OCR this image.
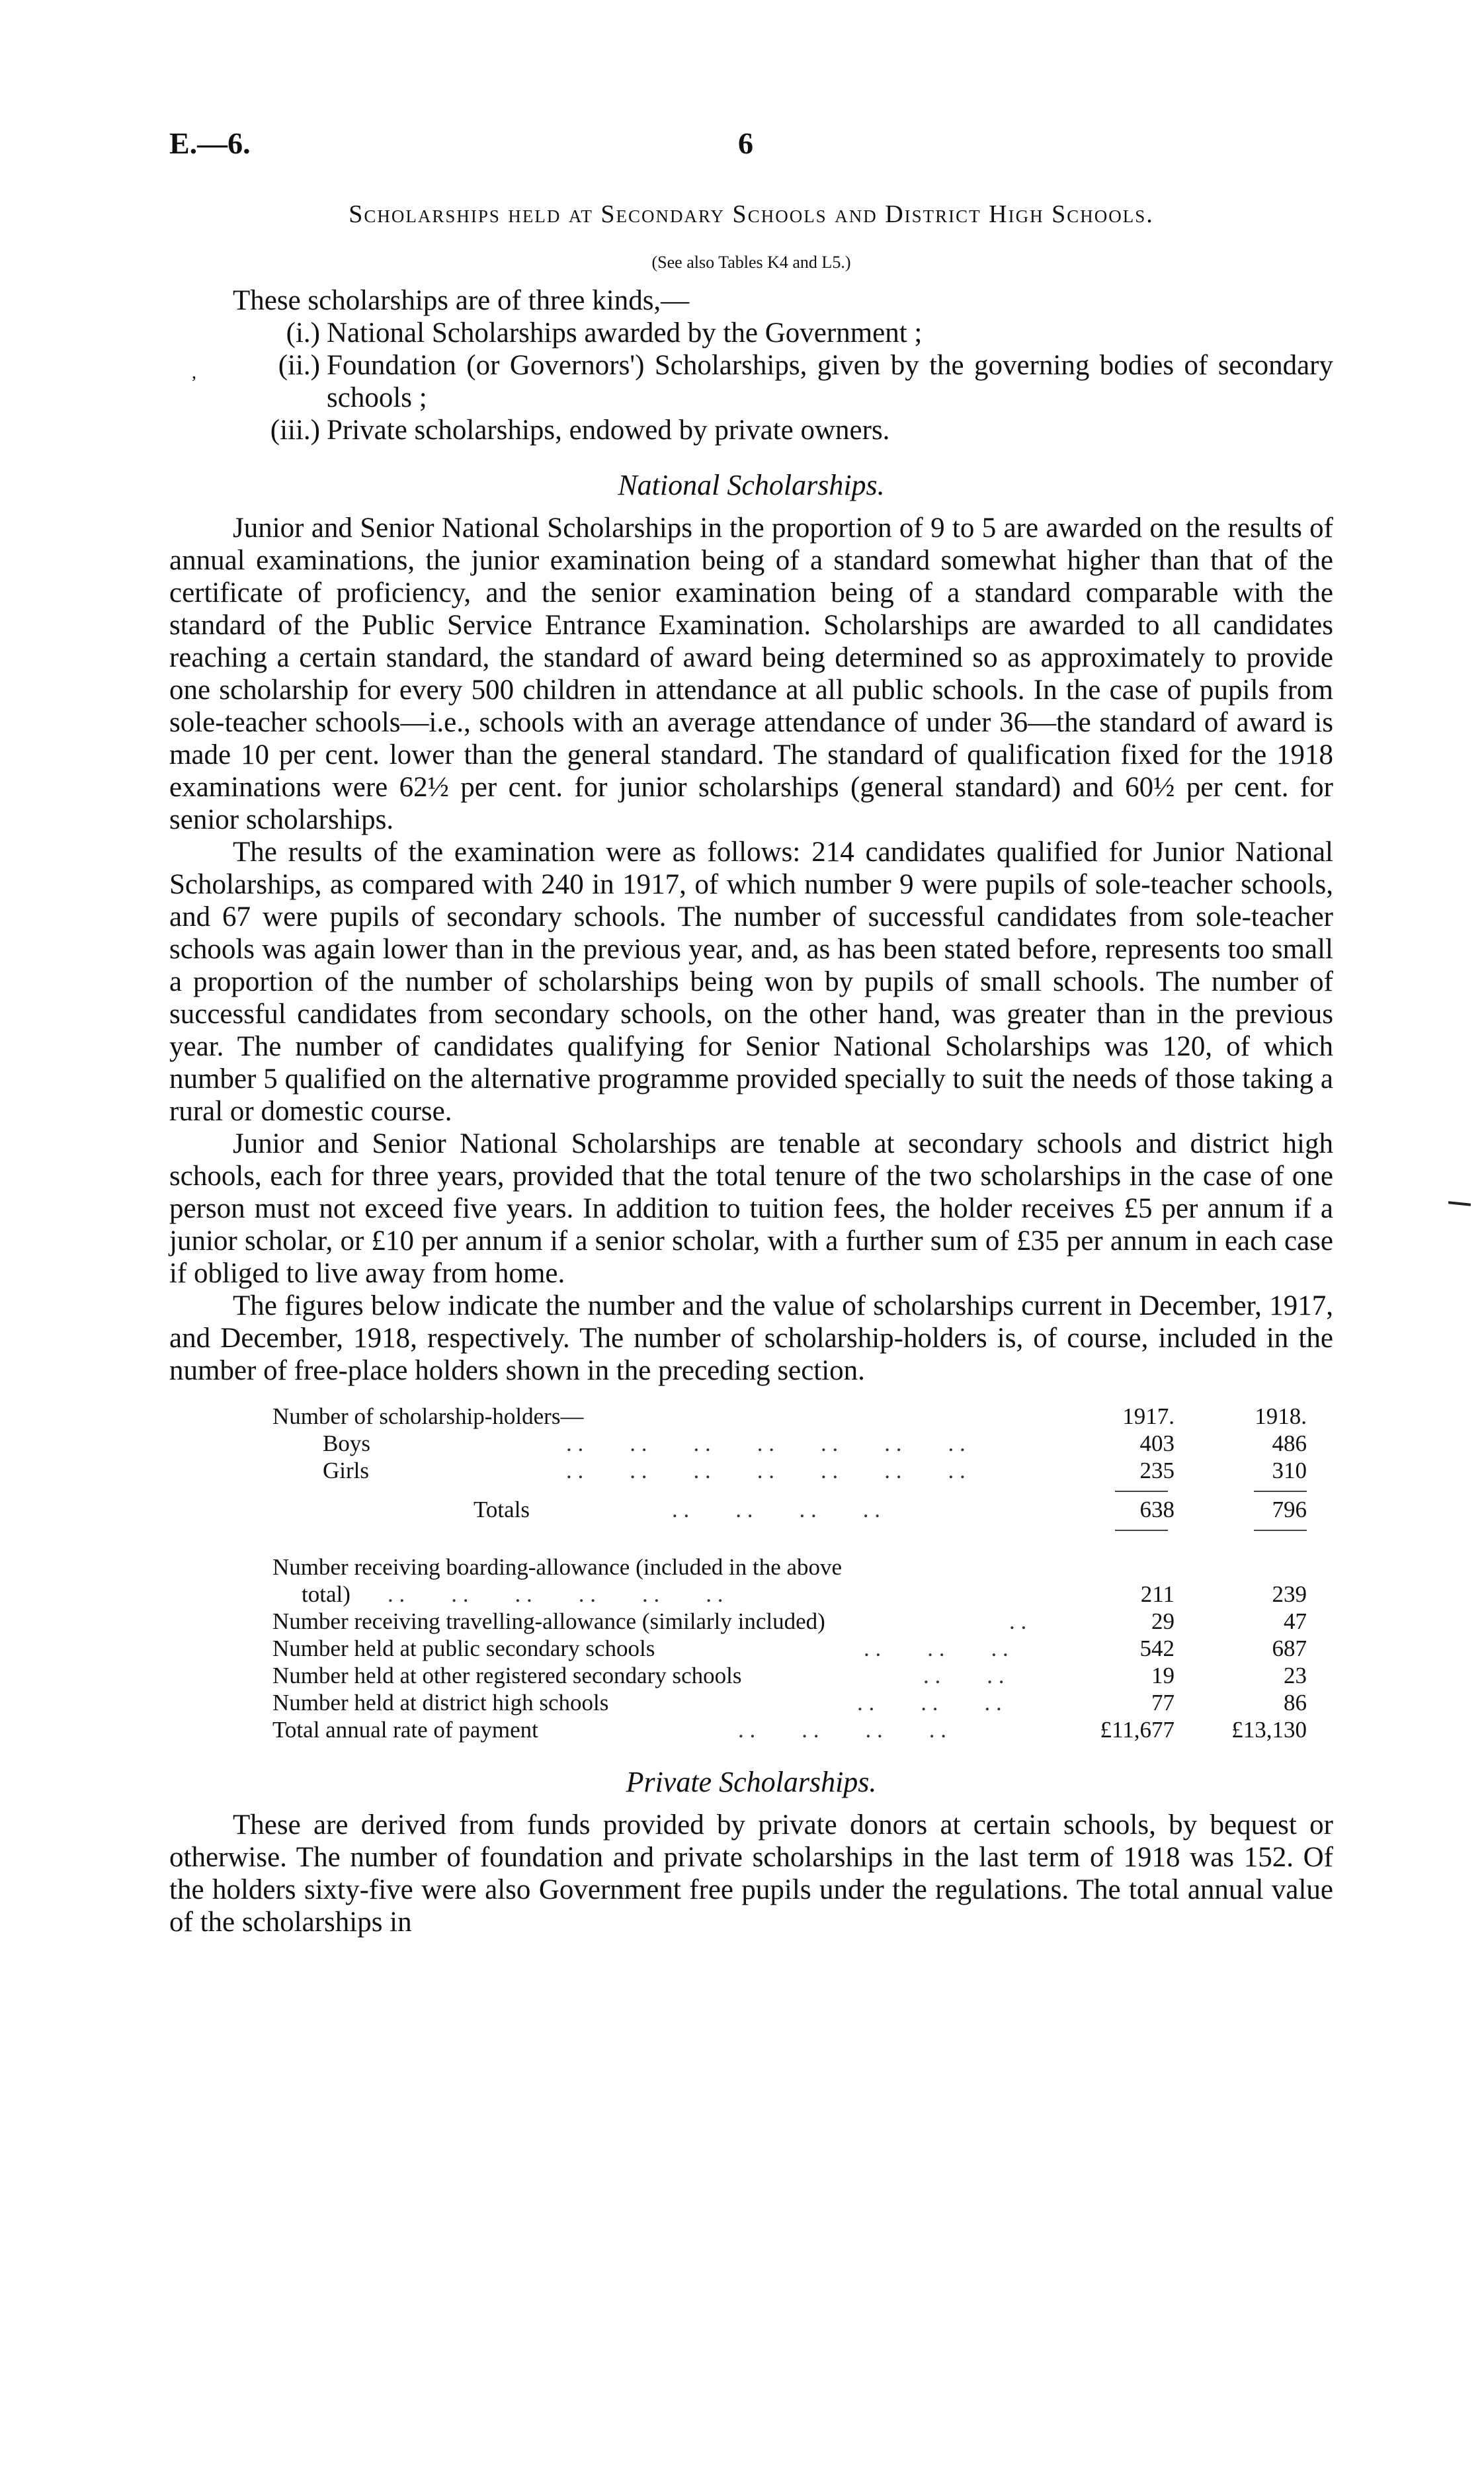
E.—6.	6
Scholarships held at Secondary Schools and District High Schools.
(See also Tables K4 and L5.)
,

These scholarships are of three kinds,—

(i.) National Scholarships awarded by the Government ;
(ii.) Foundation (or Governors') Scholarships, given by the governing bodies of secondary schools ;
(iii.) Private scholarships, endowed by private owners.
National Scholarships.

Junior and Senior National Scholarships in the proportion of 9 to 5 are awarded on the results of annual examinations, the junior examination being of a standard somewhat higher than that of the certificate of proficiency, and the senior examination being of a standard comparable with the standard of the Public Service Entrance Examination. Scholarships are awarded to all candidates reaching a certain standard, the standard of award being determined so as approximately to provide one scholarship for every 500 children in attendance at all public schools. In the case of pupils from sole-teacher schools—i.e., schools with an average attendance of under 36—the standard of award is made 10 per cent. lower than the general standard. The standard of qualification fixed for the 1918 examinations were 62½ per cent. for junior scholarships (general standard) and 60½ per cent. for senior scholarships.

The results of the examination were as follows: 214 candidates qualified for Junior National Scholarships, as compared with 240 in 1917, of which number 9 were pupils of sole-teacher schools, and 67 were pupils of secondary schools. The number of successful candidates from sole-teacher schools was again lower than in the previous year, and, as has been stated before, represents too small a proportion of the number of scholarships being won by pupils of small schools. The number of successful candidates from secondary schools, on the other hand, was greater than in the previous year. The number of candidates qualifying for Senior National Scholarships was 120, of which number 5 qualified on the alternative programme provided specially to suit the needs of those taking a rural or domestic course.

Junior and Senior National Scholarships are tenable at secondary schools and district high schools, each for three years, provided that the total tenure of the two scholarships in the case of one person must not exceed five years. In addition to tuition fees, the holder receives £5 per annum if a junior scholar, or £10 per annum if a senior scholar, with a further sum of £35 per annum in each case if obliged to live away from home.

The figures below indicate the number and the value of scholarships current in December, 1917, and December, 1918, respectively. The number of scholarship-holders is, of course, included in the number of free-place holders shown in the preceding section.

Number of scholarship-holders—	1917.	1918.
Boys	. .        . .        . .        . .        . .        . .        . .	403	486
Girls	. .        . .        . .        . .        . .        . .        . .	235	310
Totals	. .        . .        . .        . .	638	796
Number receiving boarding-allowance (included in the above
total) . .        . .        . .        . .        . .        . .	211	239
Number receiving travelling-allowance (similarly included)	. .	29	47
Number held at public secondary schools	. .        . .        . .	542	687
Number held at other registered secondary schools	. .        . .	19	23
Number held at district high schools	. .        . .        . .	77	86
Total annual rate of payment	. .        . .        . .        . .	£11,677	£13,130
Private Scholarships.

These are derived from funds provided by private donors at certain schools, by bequest or otherwise. The number of foundation and private scholarships in the last term of 1918 was 152. Of the holders sixty-five were also Government free pupils under the regulations. The total annual value of the scholarships in
